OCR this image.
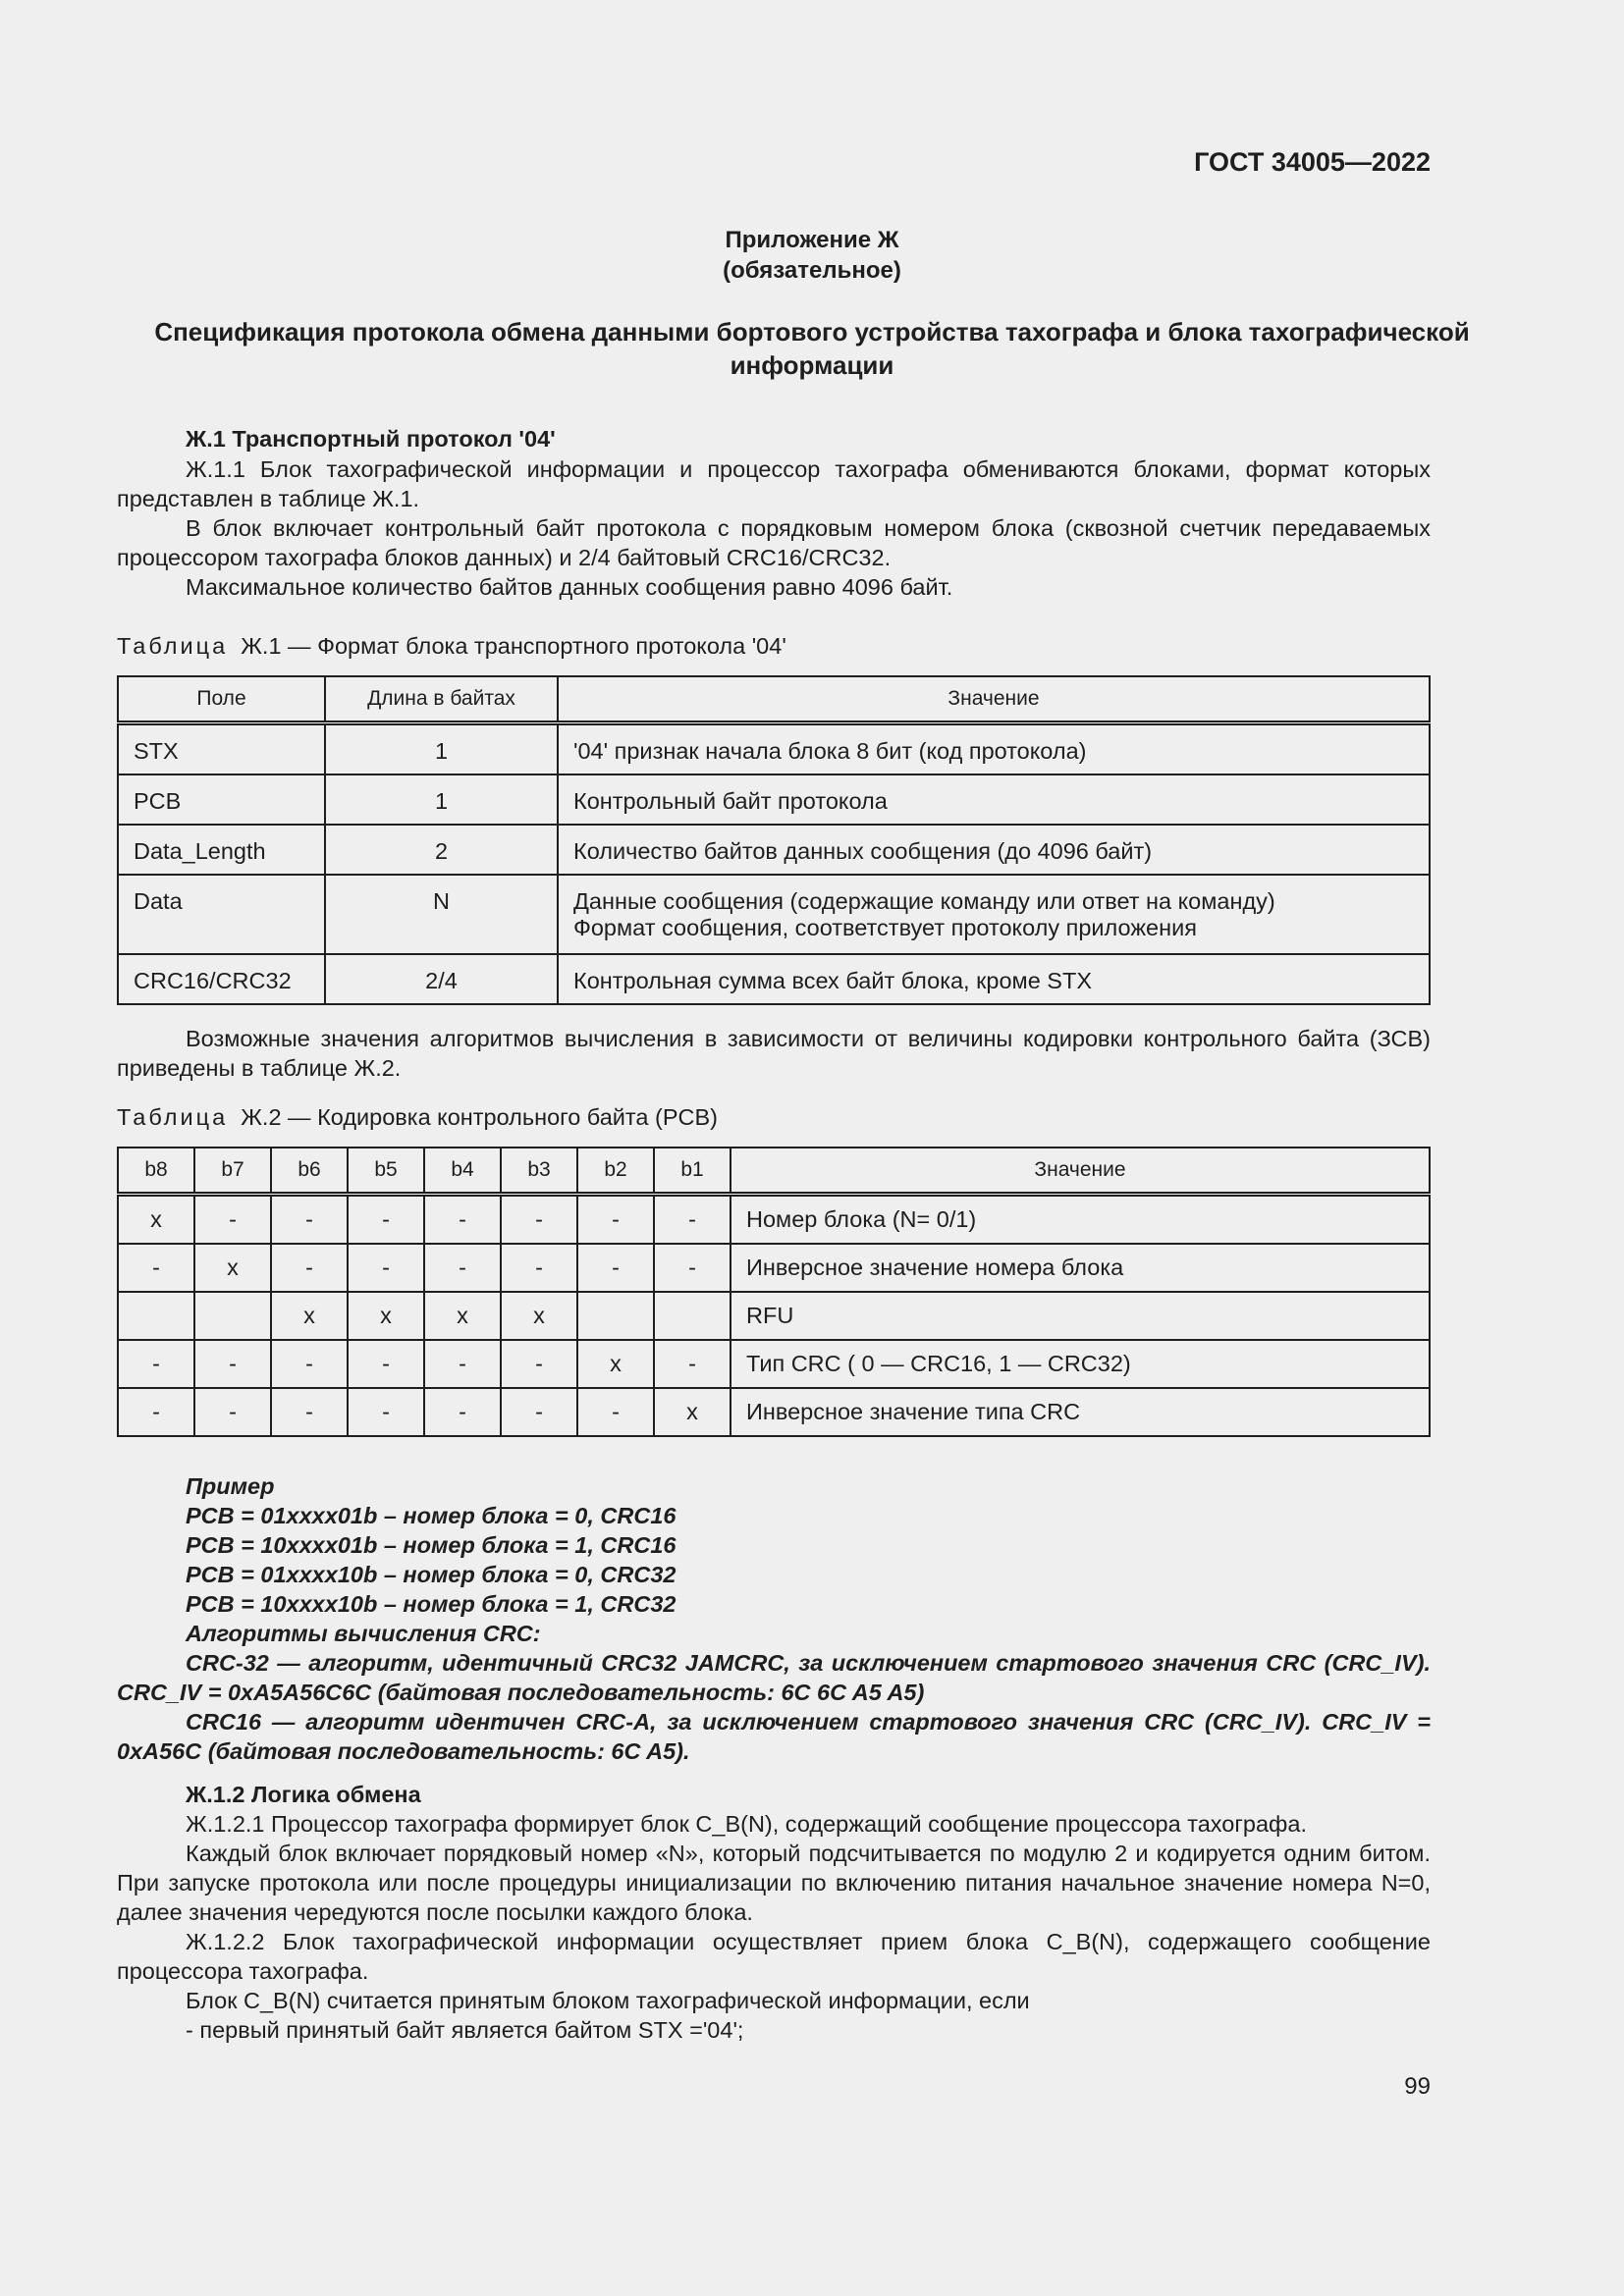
ГОСТ 34005—2022
Приложение Ж
(обязательное)
Спецификация протокола обмена данными бортового устройства тахографа и блока тахографической информации

Ж.1 Транспортный протокол '04'

Ж.1.1 Блок тахографической информации и процессор тахографа обмениваются блоками, формат которых представлен в таблице Ж.1.

В блок включает контрольный байт протокола с порядковым номером блока (сквозной счетчик передаваемых процессором тахографа блоков данных) и 2/4 байтовый CRC16/CRC32.

Максимальное количество байтов данных сообщения равно 4096 байт.

Таблица Ж.1 — Формат блока транспортного протокола '04'
Поле	Длина в байтах	Значение
STX	1	'04' признак начала блока 8 бит (код протокола)
PCB	1	Контрольный байт протокола
Data_Length	2	Количество байтов данных сообщения (до 4096 байт)
Data	N	Данные сообщения (содержащие команду или ответ на команду)
Формат сообщения, соответствует протоколу приложения

CRC16/CRC32	2/4	Контрольная сумма всех байт блока, кроме STX

Возможные значения алгоритмов вычисления в зависимости от величины кодировки контрольного байта (ЗСВ) приведены в таблице Ж.2.

Таблица Ж.2 — Кодировка контрольного байта (PCB)
b8	b7	b6	b5	b4	b3	b2	b1	Значение
x	-	-	-	-	-	-	-	Номер блока (N= 0/1)
-	x	-	-	-	-	-	-	Инверсное значение номера блока
		x	x	x	x			RFU
-	-	-	-	-	-	x	-	Тип CRC ( 0 — CRC16, 1 — CRC32)
-	-	-	-	-	-	-	x	Инверсное значение типа CRC

Пример

PCB = 01xxxx01b – номер блока = 0, CRC16

PCB = 10xxxx01b – номер блока = 1, CRC16

PCB = 01xxxx10b – номер блока = 0, CRC32

PCB = 10xxxx10b – номер блока = 1, CRC32

Алгоритмы вычисления CRC:

CRC-32 — алгоритм, идентичный CRC32 JAMCRC, за исключением стартового значения CRC (CRC_IV). CRC_IV = 0xA5A56C6C (байтовая последовательность: 6C 6C A5 A5)

CRC16 — алгоритм идентичен CRC-A, за исключением стартового значения CRC (CRC_IV). CRC_IV = 0xA56C (байтовая последовательность: 6C A5).

Ж.1.2 Логика обмена

Ж.1.2.1 Процессор тахографа формирует блок C_B(N), содержащий сообщение процессора тахографа.

Каждый блок включает порядковый номер «N», который подсчитывается по модулю 2 и кодируется одним битом. При запуске протокола или после процедуры инициализации по включению питания начальное значение номера N=0, далее значения чередуются после посылки каждого блока.

Ж.1.2.2 Блок тахографической информации осуществляет прием блока C_B(N), содержащего сообщение процессора тахографа.

Блок C_B(N) считается принятым блоком тахографической информации, если

- первый принятый байт является байтом STX ='04';

99
